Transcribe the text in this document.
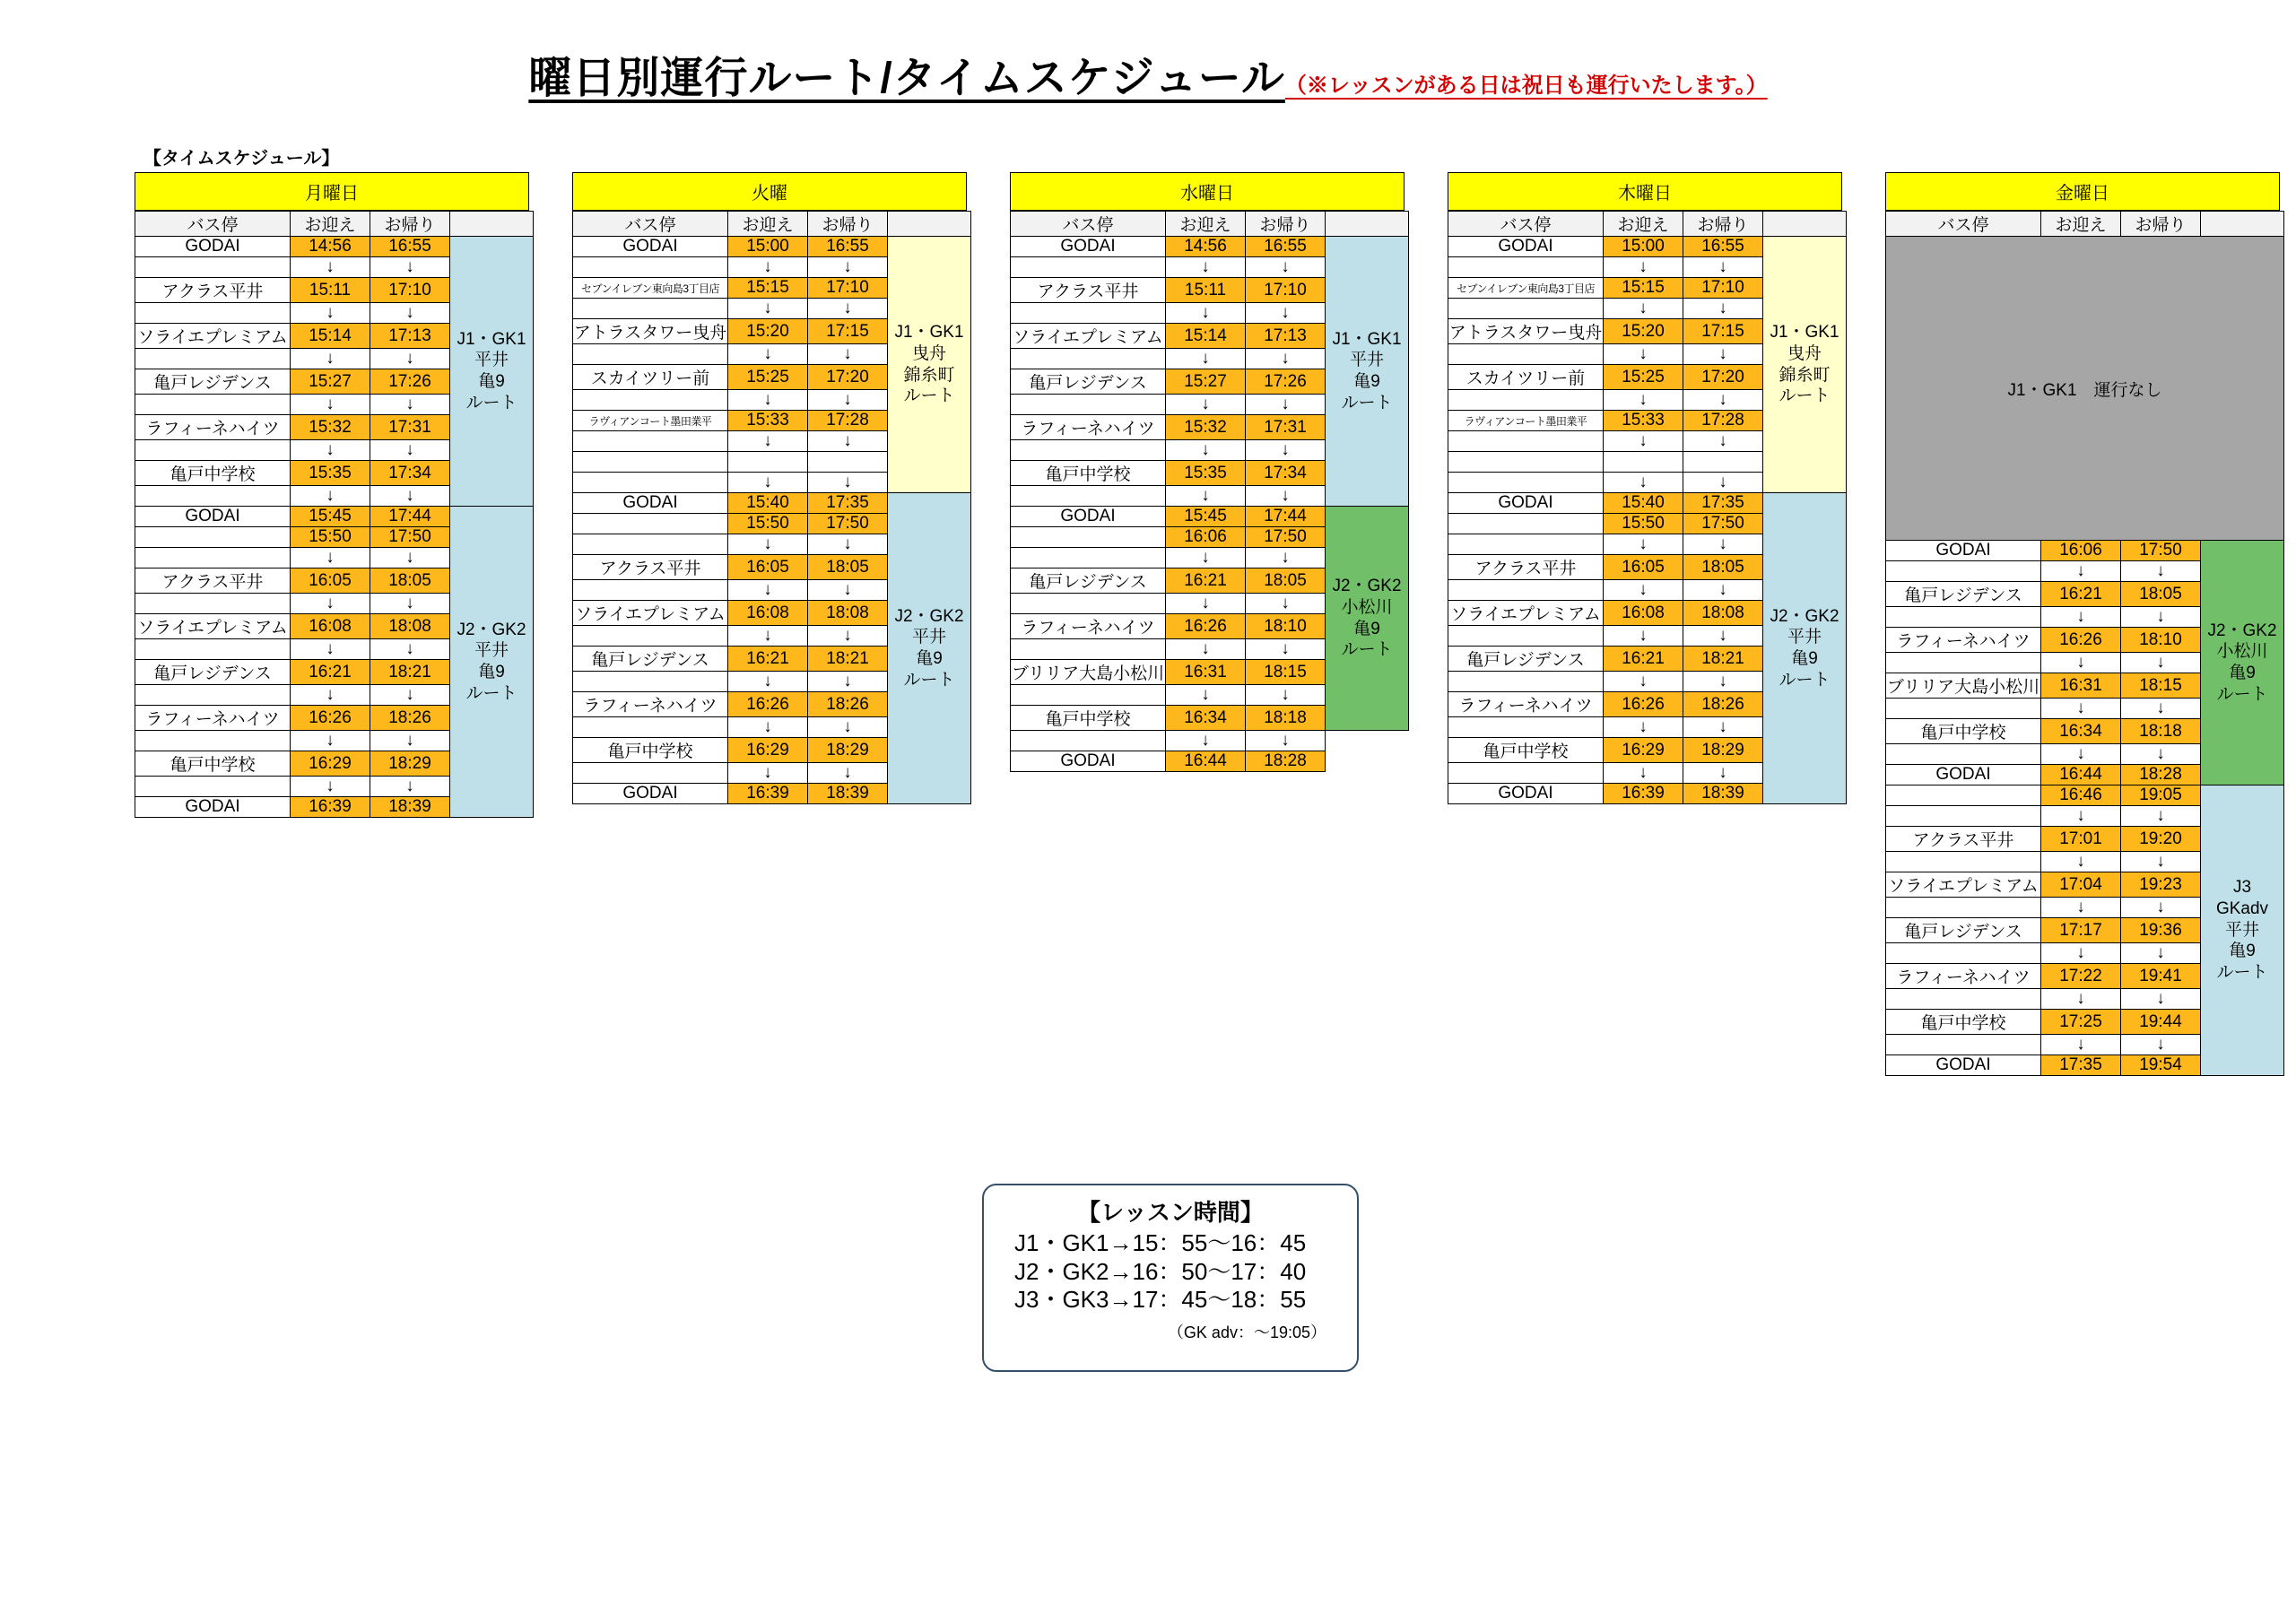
曜日別運行ルート/タイムスケジュール（※レッスンがある日は祝日も運行いたします。）
【タイムスケジュール】
月曜日
バス停	お迎え	お帰り	
GODAI	14:56	16:55	J1・GK1
平井
亀9
ルート
	↓	↓	
アクラス平井	15:11	17:10	
	↓	↓	
ソライエプレミアム	15:14	17:13	
	↓	↓	
亀戸レジデンス	15:27	17:26	
	↓	↓	
ラフィーネハイツ	15:32	17:31	
	↓	↓	
亀戸中学校	15:35	17:34	
	↓	↓	
GODAI	15:45	17:44	J2・GK2
平井
亀9
ルート
	15:50	17:50	
	↓	↓	
アクラス平井	16:05	18:05	
	↓	↓	
ソライエプレミアム	16:08	18:08	
	↓	↓	
亀戸レジデンス	16:21	18:21	
	↓	↓	
ラフィーネハイツ	16:26	18:26	
	↓	↓	
亀戸中学校	16:29	18:29	
	↓	↓	
GODAI	16:39	18:39	
火曜
バス停	お迎え	お帰り	
GODAI	15:00	16:55	J1・GK1
曳舟
錦糸町
ルート
	↓	↓	
セブンイレブン東向島3丁目店	15:15	17:10	
	↓	↓	
アトラスタワー曳舟	15:20	17:15	
	↓	↓	
スカイツリー前	15:25	17:20	
	↓	↓	
ラヴィアンコート墨田業平	15:33	17:28	
	↓	↓	

	↓	↓	
GODAI	15:40	17:35	J2・GK2
平井
亀9
ルート
	15:50	17:50	
	↓	↓	
アクラス平井	16:05	18:05	
	↓	↓	
ソライエプレミアム	16:08	18:08	
	↓	↓	
亀戸レジデンス	16:21	18:21	
	↓	↓	
ラフィーネハイツ	16:26	18:26	
	↓	↓	
亀戸中学校	16:29	18:29	
	↓	↓	
GODAI	16:39	18:39	
水曜日
バス停	お迎え	お帰り	
GODAI	14:56	16:55	J1・GK1
平井
亀9
ルート
	↓	↓	
アクラス平井	15:11	17:10	
	↓	↓	
ソライエプレミアム	15:14	17:13	
	↓	↓	
亀戸レジデンス	15:27	17:26	
	↓	↓	
ラフィーネハイツ	15:32	17:31	
	↓	↓	
亀戸中学校	15:35	17:34	
	↓	↓	
GODAI	15:45	17:44	J2・GK2
小松川
亀9
ルート
	16:06	17:50	
	↓	↓	
亀戸レジデンス	16:21	18:05	
	↓	↓	
ラフィーネハイツ	16:26	18:10	
	↓	↓	
ブリリア大島小松川	16:31	18:15	
	↓	↓	
亀戸中学校	16:34	18:18	
	↓	↓	
GODAI	16:44	18:28	
木曜日
バス停	お迎え	お帰り	
GODAI	15:00	16:55	J1・GK1
曳舟
錦糸町
ルート
	↓	↓	
セブンイレブン東向島3丁目店	15:15	17:10	
	↓	↓	
アトラスタワー曳舟	15:20	17:15	
	↓	↓	
スカイツリー前	15:25	17:20	
	↓	↓	
ラヴィアンコート墨田業平	15:33	17:28	
	↓	↓	

	↓	↓	
GODAI	15:40	17:35	J2・GK2
平井
亀9
ルート
	15:50	17:50	
	↓	↓	
アクラス平井	16:05	18:05	
	↓	↓	
ソライエプレミアム	16:08	18:08	
	↓	↓	
亀戸レジデンス	16:21	18:21	
	↓	↓	
ラフィーネハイツ	16:26	18:26	
	↓	↓	
亀戸中学校	16:29	18:29	
	↓	↓	
GODAI	16:39	18:39	
金曜日
バス停	お迎え	お帰り	
J1・GK1　運行なし			
GODAI	16:06	17:50	J2・GK2
小松川
亀9
ルート
	↓	↓	
亀戸レジデンス	16:21	18:05	
	↓	↓	
ラフィーネハイツ	16:26	18:10	
	↓	↓	
ブリリア大島小松川	16:31	18:15	
	↓	↓	
亀戸中学校	16:34	18:18	
	↓	↓	
GODAI	16:44	18:28	
	16:46	19:05	J3
GKadv
平井
亀9
ルート
	↓	↓	
アクラス平井	17:01	19:20	
	↓	↓	
ソライエプレミアム	17:04	19:23	
	↓	↓	
亀戸レジデンス	17:17	19:36	
	↓	↓	
ラフィーネハイツ	17:22	19:41	
	↓	↓	
亀戸中学校	17:25	19:44	
	↓	↓	
GODAI	17:35	19:54	
【レッスン時間】
J1・GK1→15：55～16：45
J2・GK2→16：50～17：40
J3・GK3→17：45～18：55
（GK adv：～19:05）
